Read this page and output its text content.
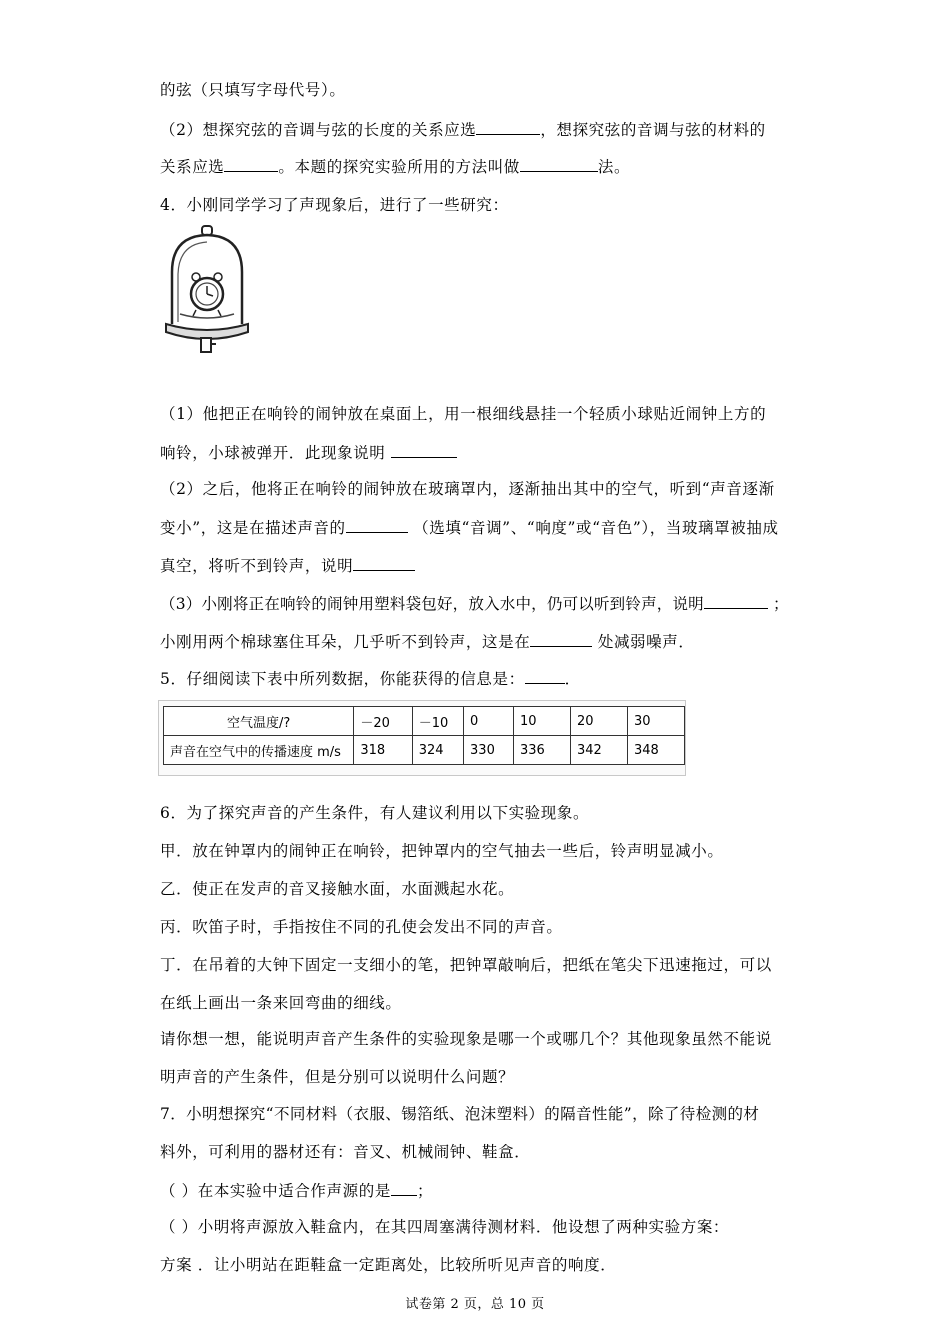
的弦（只填写字母代号）。
（2）想探究弦的音调与弦的长度的关系应选	，想探究弦的音调与弦的材料的
关系应选	。本题的探究实验所用的方法叫做	法。
4．小刚同学学习了声现象后，进行了一些研究：
（1）他把正在响铃的闹钟放在桌面上，用一根细线悬挂一个轻质小球贴近闹钟上方的
响铃，小球被弹开．此现象说明
（2）之后，他将正在响铃的闹钟放在玻璃罩内，逐渐抽出其中的空气，听到“声音逐渐
变小”，这是在描述声音的	（选填“音调”、“响度”或“音色”），当玻璃罩被抽成
真空，将听不到铃声，说明
（3）小刚将正在响铃的闹钟用塑料袋包好，放入水中，仍可以听到铃声，说明	；
小刚用两个棉球塞住耳朵，几乎听不到铃声，这是在	处减弱噪声．
5．仔细阅读下表中所列数据，你能获得的信息是：	．
空气温度/?	－20	－10	0	10	20	30
声音在空气中的传播速度 m/s	318	324	330	336	342	348
6．为了探究声音的产生条件，有人建议利用以下实验现象。
甲．放在钟罩内的闹钟正在响铃，把钟罩内的空气抽去一些后，铃声明显减小。
乙．使正在发声的音叉接触水面，水面溅起水花。
丙．吹笛子时，手指按住不同的孔使会发出不同的声音。
丁．在吊着的大钟下固定一支细小的笔，把钟罩敲响后，把纸在笔尖下迅速拖过，可以
在纸上画出一条来回弯曲的细线。
请你想一想，能说明声音产生条件的实验现象是哪一个或哪几个？其他现象虽然不能说
明声音的产生条件，但是分别可以说明什么问题？
7．小明想探究“不同材料（衣服、锡箔纸、泡沫塑料）的隔音性能”，除了待检测的材
料外，可利用的器材还有：音叉、机械闹钟、鞋盒．
（ ）在本实验中适合作声源的是 ；
（ ）小明将声源放入鞋盒内，在其四周塞满待测材料．他设想了两种实验方案：
方案 ．让小明站在距鞋盒一定距离处，比较所听见声音的响度．
试卷第 2 页，总 10 页
